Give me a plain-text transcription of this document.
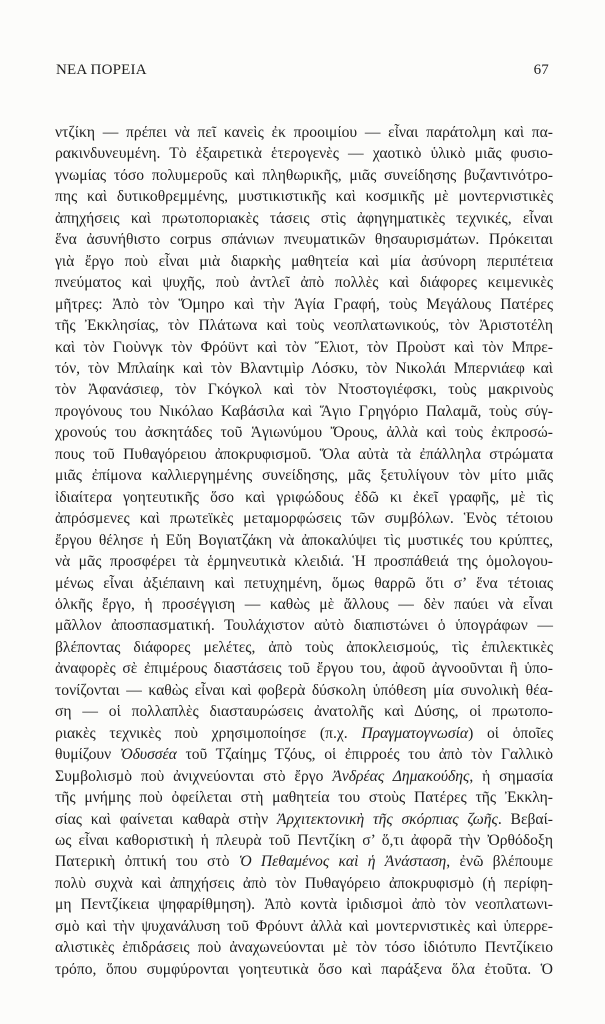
ΝΕΑ ΠΟΡΕΙΑ	67
ντζίκη — πρέπει νὰ πεῖ κανεὶς ἐκ προοιμίου — εἶναι παράτολμη καὶ πα-
ρακινδυνευμένη. Τὸ ἐξαιρετικὰ ἑτερογενὲς — χαοτικὸ ὑλικὸ μιᾶς φυσιο-
γνωμίας τόσο πολυμεροῦς καὶ πληθωρικῆς, μιᾶς συνείδησης βυζαντινότρο-
πης καὶ δυτικοθρεμμένης, μυστικιστικῆς καὶ κοσμικῆς μὲ μοντερνιστικὲς
ἀπηχήσεις καὶ πρωτοποριακὲς τάσεις στὶς ἀφηγηματικὲς τεχνικές, εἶναι
ἕνα ἀσυνήθιστο corpus σπάνιων πνευματικῶν θησαυρισμάτων. Πρόκειται
γιὰ ἔργο ποὺ εἶναι μιὰ διαρκὴς μαθητεία καὶ μία ἀσύνορη περιπέτεια
πνεύματος καὶ ψυχῆς, ποὺ ἀντλεῖ ἀπὸ πολλὲς καὶ διάφορες κειμενικὲς
μῆτρες: Ἀπὸ τὸν Ὅμηρο καὶ τὴν Ἁγία Γραφή, τοὺς Μεγάλους Πατέρες
τῆς Ἐκκλησίας, τὸν Πλάτωνα καὶ τοὺς νεοπλατωνικούς, τὸν Ἀριστοτέλη
καὶ τὸν Γιοὺνγκ τὸν Φρόϋντ καὶ τὸν Ἔλιοτ, τὸν Προὺστ καὶ τὸν Μπρε-
τόν, τὸν Μπλαίηκ καὶ τὸν Βλαντιμὶρ Λόσκυ, τὸν Νικολάι Μπερνιάεφ καὶ
τὸν Ἀφανάσιεφ, τὸν Γκόγκολ καὶ τὸν Ντοστογιέφσκι, τοὺς μακρινοὺς
προγόνους του Νικόλαο Καβάσιλα καὶ Ἅγιο Γρηγόριο Παλαμᾶ, τοὺς σύγ-
χρονούς του ἀσκητάδες τοῦ Ἁγιωνύμου Ὄρους, ἀλλὰ καὶ τοὺς ἐκπροσώ-
πους τοῦ Πυθαγόρειου ἀποκρυφισμοῦ. Ὅλα αὐτὰ τὰ ἐπάλληλα στρώματα
μιᾶς ἐπίμονα καλλιεργημένης συνείδησης, μᾶς ξετυλίγουν τὸν μίτο μιᾶς
ἰδιαίτερα γοητευτικῆς ὅσο καὶ γριφώδους ἐδῶ κι ἐκεῖ γραφῆς, μὲ τὶς
ἀπρόσμενες καὶ πρωτεϊκὲς μεταμορφώσεις τῶν συμβόλων. Ἑνὸς τέτοιου
ἔργου θέλησε ἡ Εὔη Βογιατζάκη νὰ ἀποκαλύψει τὶς μυστικές του κρύπτες,
νὰ μᾶς προσφέρει τὰ ἑρμηνευτικὰ κλειδιά. Ἡ προσπάθειά της ὁμολογου-
μένως εἶναι ἀξιέπαινη καὶ πετυχημένη, ὅμως θαρρῶ ὅτι σ’ ἕνα τέτοιας
ὁλκῆς ἔργο, ἡ προσέγγιση — καθὼς μὲ ἄλλους — δὲν παύει νὰ εἶναι
μᾶλλον ἀποσπασματική. Τουλάχιστον αὐτὸ διαπιστώνει ὁ ὑπογράφων —
βλέποντας διάφορες μελέτες, ἀπὸ τοὺς ἀποκλεισμούς, τὶς ἐπιλεκτικὲς
ἀναφορὲς σὲ ἐπιμέρους διαστάσεις τοῦ ἔργου του, ἀφοῦ ἀγνοοῦνται ἢ ὑπο-
τονίζονται — καθὼς εἶναι καὶ φοβερὰ δύσκολη ὑπόθεση μία συνολικὴ θέα-
ση — οἱ πολλαπλὲς διασταυρώσεις ἀνατολῆς καὶ Δύσης, οἱ πρωτοπο-
ριακὲς τεχνικὲς ποὺ χρησιμοποίησε (π.χ. Πραγματογνωσία) οἱ ὁποῖες
θυμίζουν Ὀδυσσέα τοῦ Τζαίημς Τζόυς, οἱ ἐπιρροές του ἀπὸ τὸν Γαλλικὸ
Συμβολισμὸ ποὺ ἀνιχνεύονται στὸ ἔργο Ἀνδρέας Δημακούδης, ἡ σημασία
τῆς μνήμης ποὺ ὀφείλεται στὴ μαθητεία του στοὺς Πατέρες τῆς Ἐκκλη-
σίας καὶ φαίνεται καθαρὰ στὴν Ἀρχιτεκτονικὴ τῆς σκόρπιας ζωῆς. Βεβαί-
ως εἶναι καθοριστικὴ ἡ πλευρὰ τοῦ Πεντζίκη σ’ ὅ,τι ἀφορᾶ τὴν Ὀρθόδοξη
Πατερικὴ ὀπτική του στὸ Ὁ Πεθαμένος καὶ ἡ Ἀνάσταση, ἐνῶ βλέπουμε
πολὺ συχνὰ καὶ ἀπηχήσεις ἀπὸ τὸν Πυθαγόρειο ἀποκρυφισμὸ (ἡ περίφη-
μη Πεντζίκεια ψηφαρίθμηση). Ἀπὸ κοντὰ ἰριδισμοὶ ἀπὸ τὸν νεοπλατωνι-
σμὸ καὶ τὴν ψυχανάλυση τοῦ Φρόυντ ἀλλὰ καὶ μοντερνιστικὲς καὶ ὑπερρε-
αλιστικὲς ἐπιδράσεις ποὺ ἀναχωνεύονται μὲ τὸν τόσο ἰδιότυπο Πεντζίκειο
τρόπο, ὅπου συμφύρονται γοητευτικὰ ὅσο καὶ παράξενα ὅλα ἐτοῦτα. Ὁ
